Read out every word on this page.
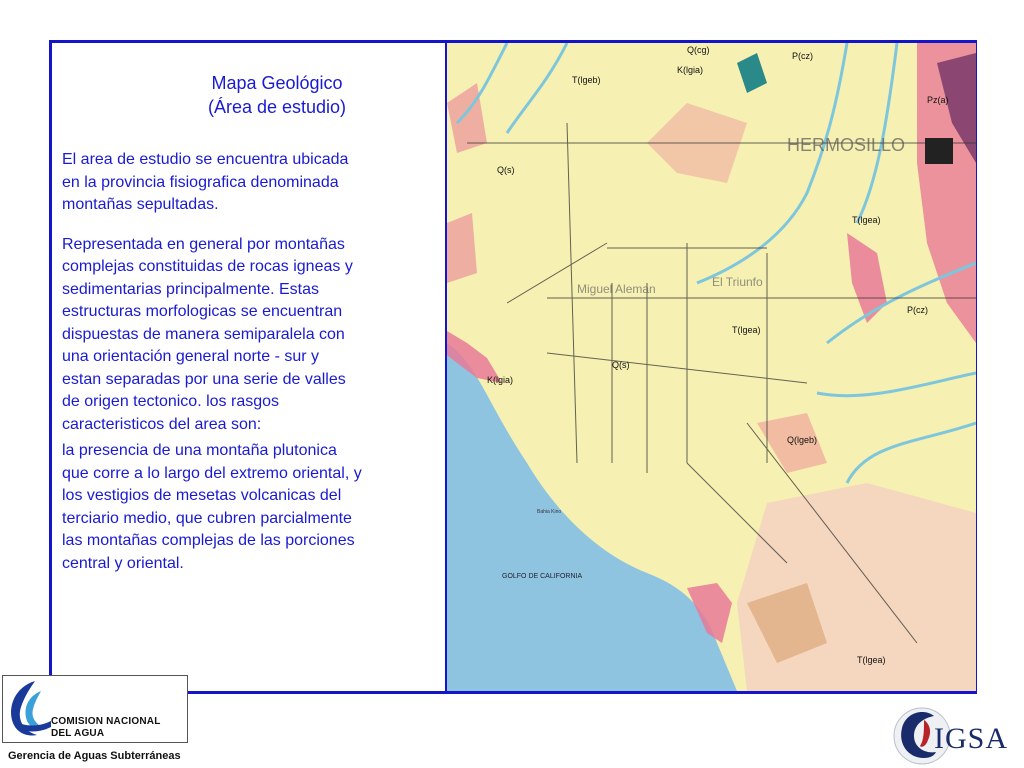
Mapa Geológico
(Área de estudio)

El area de estudio se encuentra ubicada en la provincia fisiografica denominada montañas sepultadas.

Representada en general por montañas complejas constituidas de rocas igneas y sedimentarias principalmente. Estas estructuras morfologicas se encuentran dispuestas de manera semiparalela con una orientación general norte - sur y estan separadas por una serie de valles de origen tectonico. los rasgos caracteristicos del area son:

la presencia de una montaña plutonica que corre a lo largo del extremo oriental, y los vestigios de mesetas volcanicas del terciario medio, que cubren parcialmente las montañas complejas de las porciones central y oriental.

HERMOSILLO
GOLFO DE CALIFORNIA
Miguel Aleman	El Triunfo
Bahia Kino
Q(cg)
K(lgia)
P(cz)
T(lgeb)
T(lgea)
Q(s)
Pz(a)
Q(lgeb)
P(cz)
T(lgea)
Q(s)
K(lgia)
T(lgea)
COMISION NACIONAL
DEL AGUA
Gerencia de Aguas Subterráneas
IGSA
